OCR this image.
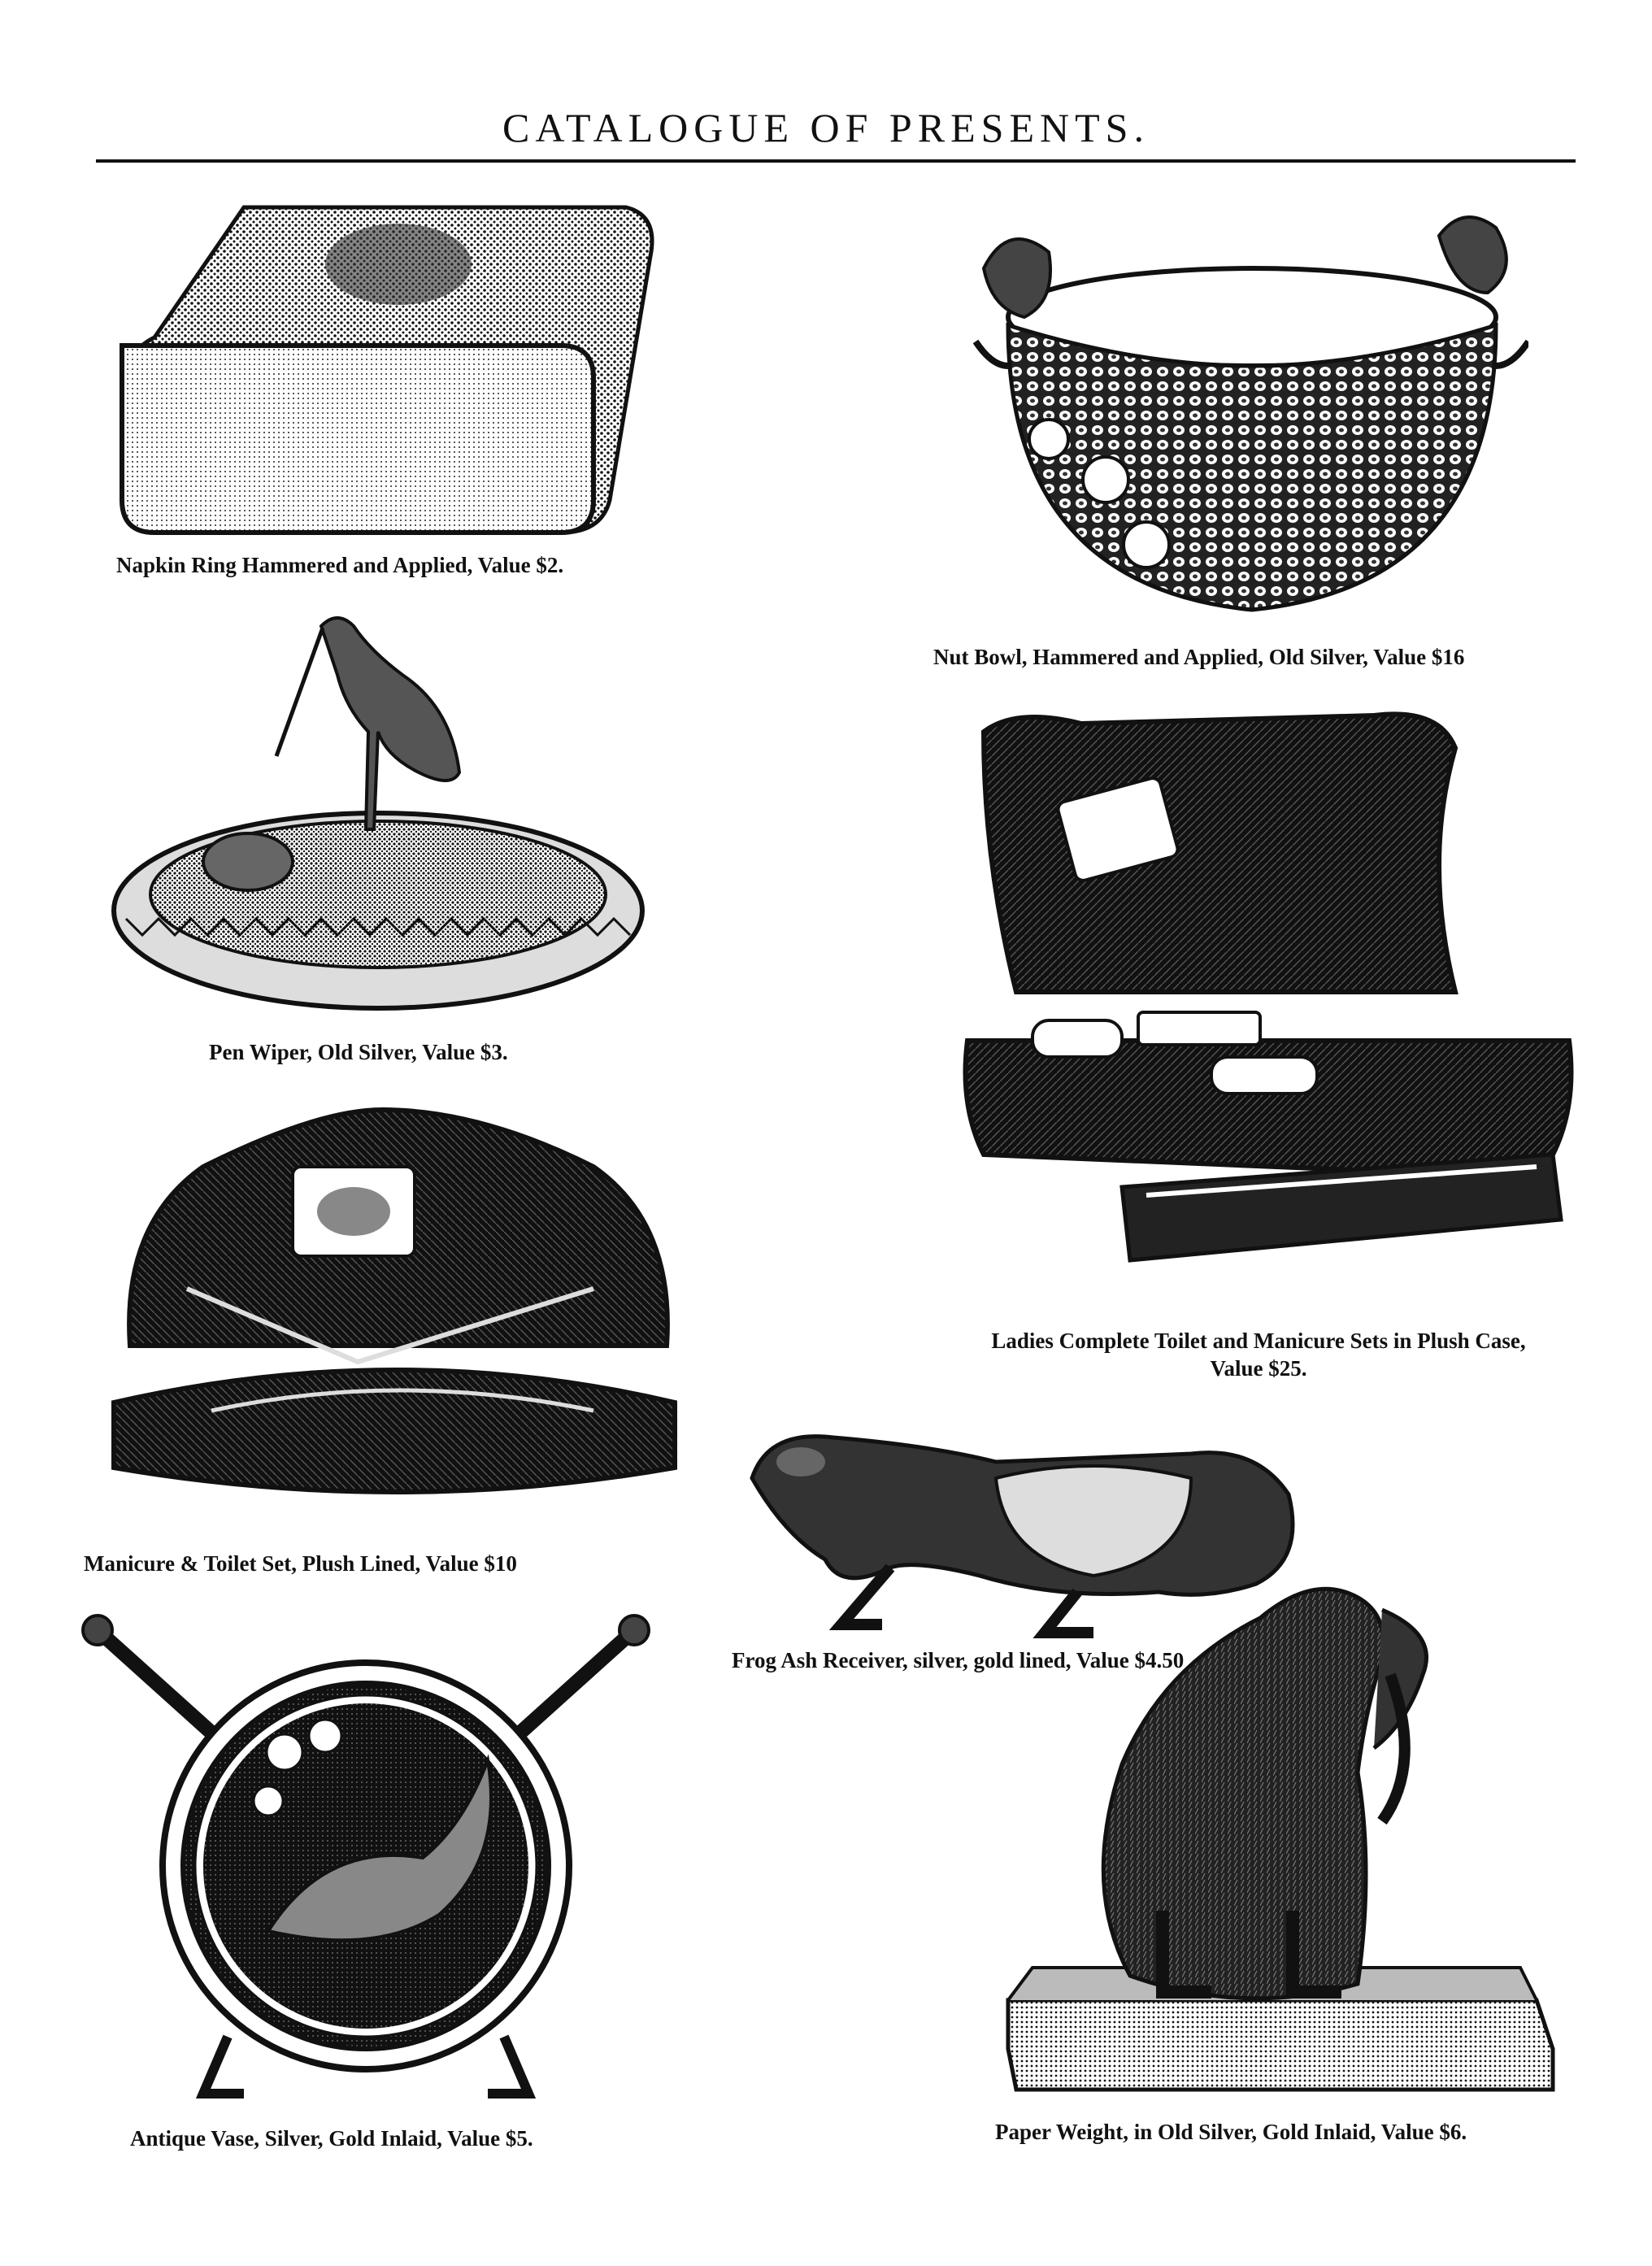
CATALOGUE OF PRESENTS.
Napkin Ring Hammered and Applied, Value $2.
Nut Bowl, Hammered and Applied, Old Silver, Value $16
Pen Wiper, Old Silver, Value $3.
Ladies Complete Toilet and Manicure Sets in Plush Case,
Value $25.
Manicure & Toilet Set, Plush Lined, Value $10
Frog Ash Receiver, silver, gold lined, Value $4.50
Antique Vase, Silver, Gold Inlaid, Value $5.	Paper Weight, in Old Silver, Gold Inlaid, Value $6.
